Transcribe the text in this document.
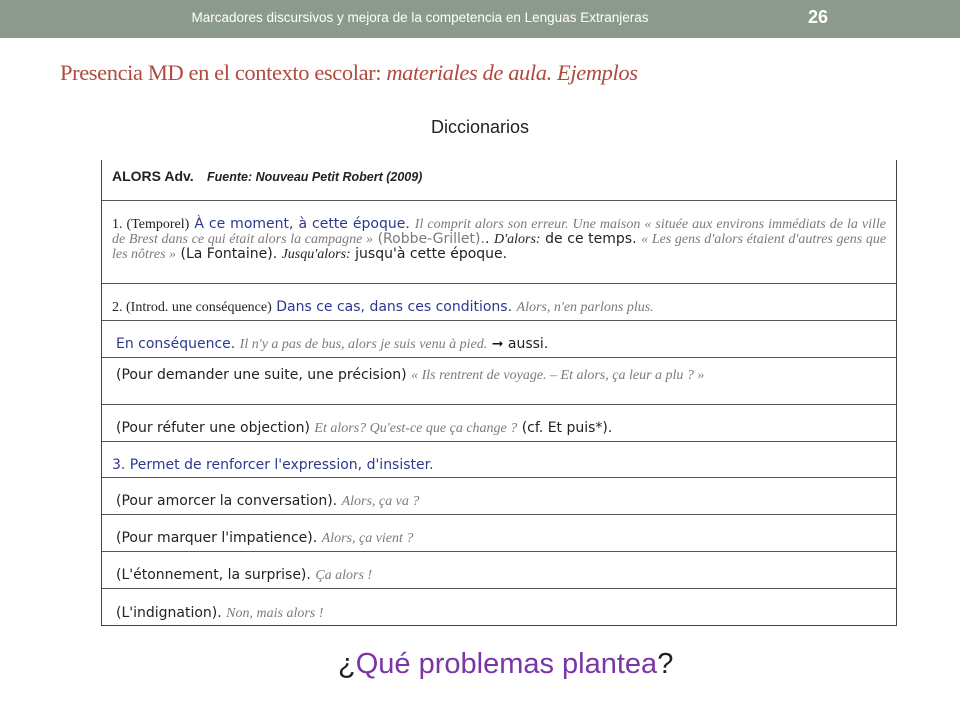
Marcadores discursivos y mejora de la competencia en Lenguas Extranjeras	26
Presencia MD en el contexto escolar: materiales de aula. Ejemplos
Diccionarios
ALORS Adv. Fuente: Nouveau Petit Robert (2009)
1. (Temporel) À ce moment, à cette époque. Il comprit alors son erreur. Une maison « située aux environs immédiats de la ville de Brest dans ce qui était alors la campagne » (Robbe-Grillet).. D'alors: de ce temps. « Les gens d'alors étaient d'autres gens que les nôtres » (La Fontaine). Jusqu'alors: jusqu'à cette époque.
2. (Introd. une conséquence) Dans ce cas, dans ces conditions. Alors, n'en parlons plus.
En conséquence. Il n'y a pas de bus, alors je suis venu à pied. ➞ aussi.
(Pour demander une suite, une précision) « Ils rentrent de voyage. – Et alors, ça leur a plu ? »
(Pour réfuter une objection) Et alors? Qu'est-ce que ça change ? (cf. Et puis*).
3. Permet de renforcer l'expression, d'insister.
(Pour amorcer la conversation). Alors, ça va ?
(Pour marquer l'impatience). Alors, ça vient ?
(L'étonnement, la surprise). Ça alors !
(L'indignation). Non, mais alors !
¿Qué problemas plantea?
